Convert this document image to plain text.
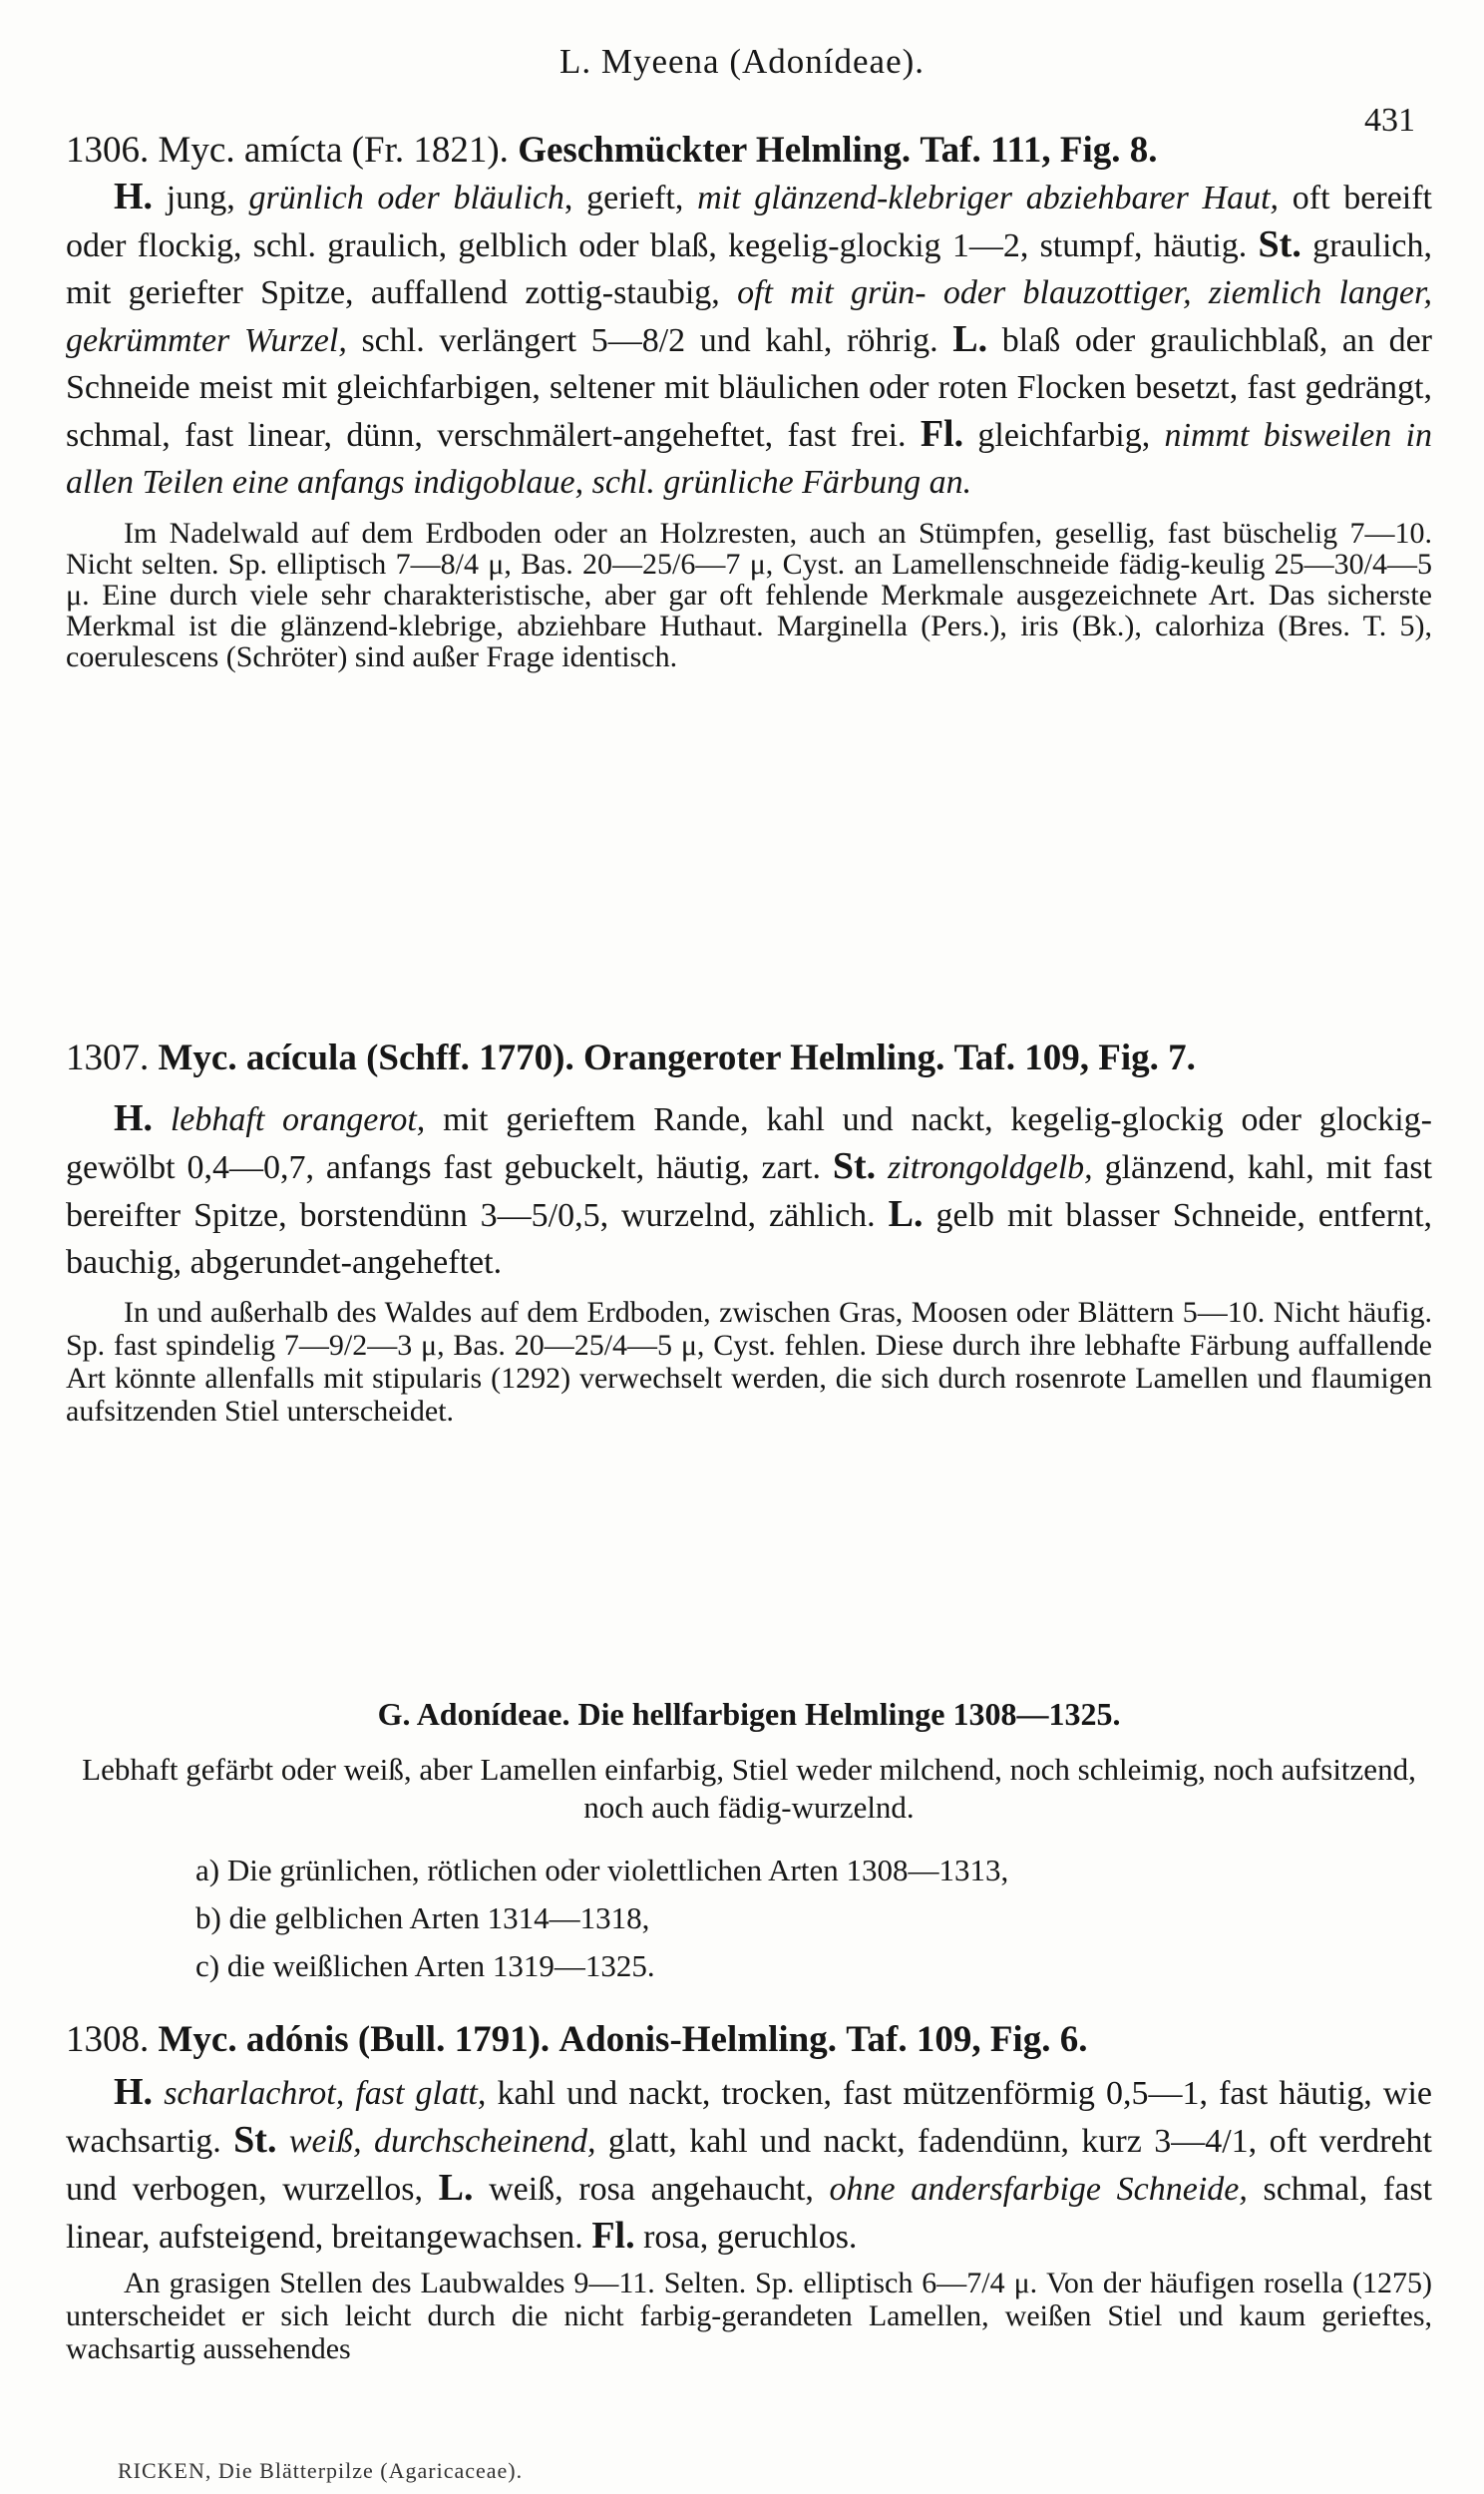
L. Myeena (Adonídeae).
431
1306. Myc. amícta (Fr. 1821). Geschmückter Helmling. Taf. 111, Fig. 8.

H. jung, grünlich oder bläulich, gerieft, mit glänzend-klebriger abziehbarer Haut, oft bereift oder flockig, schl. graulich, gelblich oder blaß, kegelig-glockig 1—2, stumpf, häutig. St. graulich, mit geriefter Spitze, auffallend zottig-staubig, oft mit grün- oder blauzottiger, ziemlich langer, gekrümmter Wurzel, schl. verlängert 5—8/2 und kahl, röhrig. L. blaß oder graulichblaß, an der Schneide meist mit gleichfarbigen, seltener mit bläulichen oder roten Flocken besetzt, fast gedrängt, schmal, fast linear, dünn, verschmälert-angeheftet, fast frei. Fl. gleichfarbig, nimmt bisweilen in allen Teilen eine anfangs indigoblaue, schl. grünliche Färbung an.

Im Nadelwald auf dem Erdboden oder an Holzresten, auch an Stümpfen, gesellig, fast büschelig 7—10. Nicht selten. Sp. elliptisch 7—8/4 μ, Bas. 20—25/6—7 μ, Cyst. an Lamellenschneide fädig-keulig 25—30/4—5 μ. Eine durch viele sehr charakteristische, aber gar oft fehlende Merkmale ausgezeichnete Art. Das sicherste Merkmal ist die glänzend-klebrige, abziehbare Huthaut. Marginella (Pers.), iris (Bk.), calorhiza (Bres. T. 5), coerulescens (Schröter) sind außer Frage identisch.
1307. Myc. acícula (Schff. 1770). Orangeroter Helmling. Taf. 109, Fig. 7.

H. lebhaft orangerot, mit gerieftem Rande, kahl und nackt, kegelig-glockig oder glockig-gewölbt 0,4—0,7, anfangs fast gebuckelt, häutig, zart. St. zitrongoldgelb, glänzend, kahl, mit fast bereifter Spitze, borstendünn 3—5/0,5, wurzelnd, zählich. L. gelb mit blasser Schneide, entfernt, bauchig, abgerundet-angeheftet.

In und außerhalb des Waldes auf dem Erdboden, zwischen Gras, Moosen oder Blättern 5—10. Nicht häufig. Sp. fast spindelig 7—9/2—3 μ, Bas. 20—25/4—5 μ, Cyst. fehlen. Diese durch ihre lebhafte Färbung auffallende Art könnte allenfalls mit stipularis (1292) verwechselt werden, die sich durch rosenrote Lamellen und flaumigen aufsitzenden Stiel unterscheidet.
G. Adonídeae. Die hellfarbigen Helmlinge 1308—1325.
Lebhaft gefärbt oder weiß, aber Lamellen einfarbig, Stiel weder milchend, noch schleimig, noch aufsitzend, noch auch fädig-wurzelnd.
a) Die grünlichen, rötlichen oder violettlichen Arten 1308—1313,
b) die gelblichen Arten 1314—1318,
c) die weißlichen Arten 1319—1325.
1308. Myc. adónis (Bull. 1791). Adonis-Helmling. Taf. 109, Fig. 6.

H. scharlachrot, fast glatt, kahl und nackt, trocken, fast mützenförmig 0,5—1, fast häutig, wie wachsartig. St. weiß, durchscheinend, glatt, kahl und nackt, fadendünn, kurz 3—4/1, oft verdreht und verbogen, wurzellos, L. weiß, rosa angehaucht, ohne andersfarbige Schneide, schmal, fast linear, aufsteigend, breitangewachsen. Fl. rosa, geruchlos.

An grasigen Stellen des Laubwaldes 9—11. Selten. Sp. elliptisch 6—7/4 μ. Von der häufigen rosella (1275) unterscheidet er sich leicht durch die nicht farbig-gerandeten Lamellen, weißen Stiel und kaum gerieftes, wachsartig aussehendes
RICKEN, Die Blätterpilze (Agaricaceae).
